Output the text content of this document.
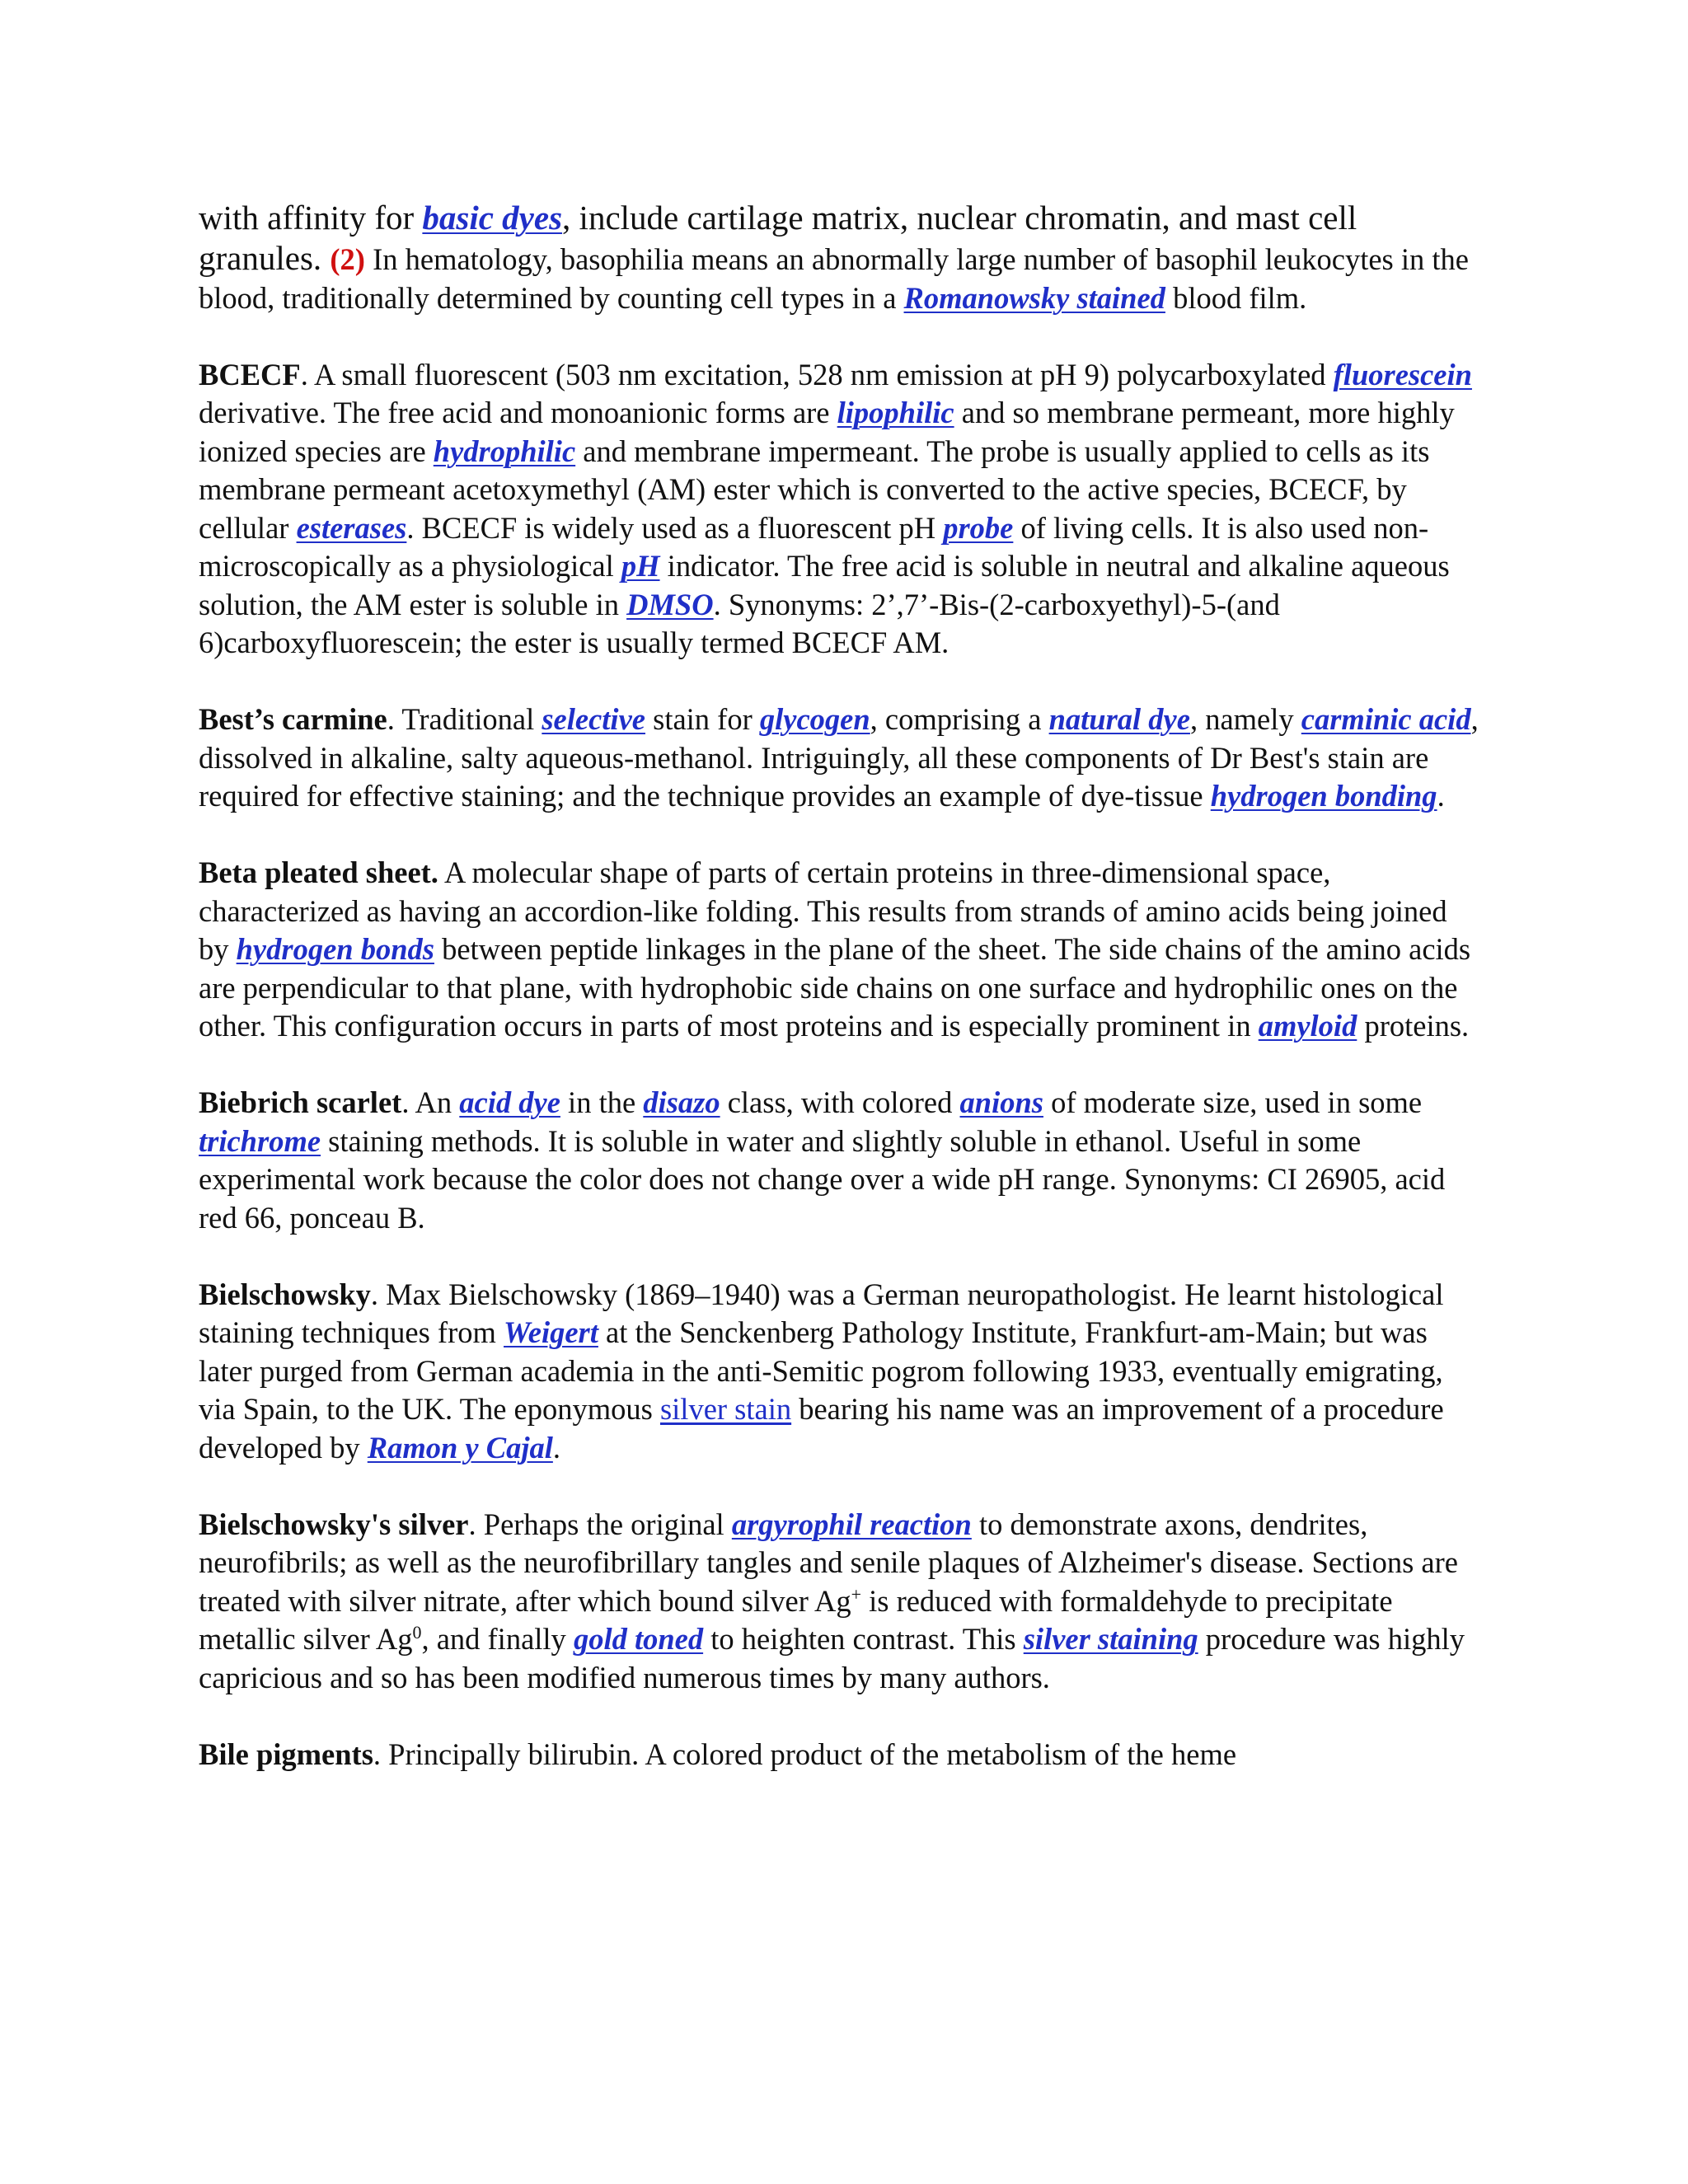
with affinity for basic dyes, include cartilage matrix, nuclear chromatin, and mast cell
granules. (2) In hematology, basophilia means an abnormally large number of basophil leukocytes in the blood, traditionally determined by counting cell types in a Romanowsky stained blood film.
BCECF. A small fluorescent (503 nm excitation, 528 nm emission at pH 9) polycarboxylated fluorescein derivative. The free acid and monoanionic forms are lipophilic and so membrane permeant, more highly ionized species are hydrophilic and membrane impermeant. The probe is usually applied to cells as its membrane permeant acetoxymethyl (AM) ester which is converted to the active species, BCECF, by cellular esterases. BCECF is widely used as a fluorescent pH probe of living cells. It is also used non-microscopically as a physiological pH indicator. The free acid is soluble in neutral and alkaline aqueous solution, the AM ester is soluble in DMSO. Synonyms: 2’,7’-Bis-(2-carboxyethyl)-5-(and 6)carboxyfluorescein; the ester is usually termed BCECF AM.
Best’s carmine. Traditional selective stain for glycogen, comprising a natural dye, namely carminic acid, dissolved in alkaline, salty aqueous-methanol. Intriguingly, all these components of Dr Best's stain are required for effective staining; and the technique provides an example of dye-tissue hydrogen bonding.
Beta pleated sheet. A molecular shape of parts of certain proteins in three-dimensional space, characterized as having an accordion-like folding. This results from strands of amino acids being joined by hydrogen bonds between peptide linkages in the plane of the sheet. The side chains of the amino acids are perpendicular to that plane, with hydrophobic side chains on one surface and hydrophilic ones on the other. This configuration occurs in parts of most proteins and is especially prominent in amyloid proteins.
Biebrich scarlet. An acid dye in the disazo class, with colored anions of moderate size, used in some trichrome staining methods. It is soluble in water and slightly soluble in ethanol. Useful in some experimental work because the color does not change over a wide pH range. Synonyms: CI 26905, acid red 66, ponceau B.
Bielschowsky. Max Bielschowsky (1869–1940) was a German neuropathologist. He learnt histological staining techniques from Weigert at the Senckenberg Pathology Institute, Frankfurt-am-Main; but was later purged from German academia in the anti-Semitic pogrom following 1933, eventually emigrating, via Spain, to the UK. The eponymous silver stain bearing his name was an improvement of a procedure developed by Ramon y Cajal.
Bielschowsky's silver. Perhaps the original argyrophil reaction to demonstrate axons, dendrites, neurofibrils; as well as the neurofibrillary tangles and senile plaques of Alzheimer's disease. Sections are treated with silver nitrate, after which bound silver Ag+ is reduced with formaldehyde to precipitate metallic silver Ag$^0$, and finally gold toned to heighten contrast. This silver staining procedure was highly capricious and so has been modified numerous times by many authors.
Bile pigments. Principally bilirubin. A colored product of the metabolism of the heme
